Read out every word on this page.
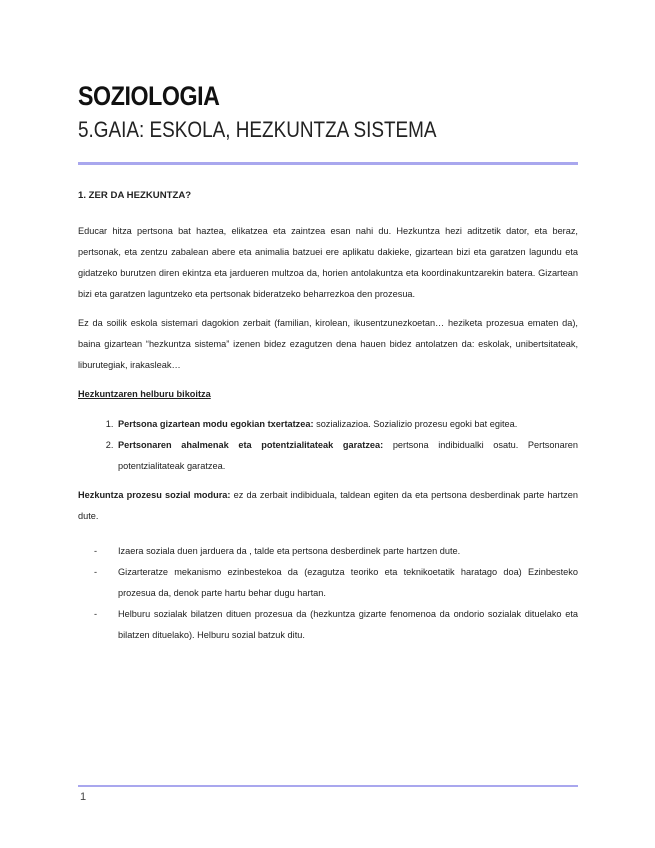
SOZIOLOGIA
5.GAIA: ESKOLA, HEZKUNTZA SISTEMA
1. ZER DA HEZKUNTZA?

Educar hitza pertsona bat haztea, elikatzea eta zaintzea esan nahi du. Hezkuntza hezi aditzetik dator, eta beraz, pertsonak, eta zentzu zabalean abere eta animalia batzuei ere aplikatu dakieke, gizartean bizi eta garatzen lagundu eta gidatzeko burutzen diren ekintza eta jardueren multzoa da, horien antolakuntza eta koordinakuntzarekin batera. Gizartean bizi eta garatzen laguntzeko eta pertsonak bideratzeko beharrezkoa den prozesua.

Ez da soilik eskola sistemari dagokion zerbait (familian, kirolean, ikusentzunezkoetan… heziketa prozesua ematen da), baina gizartean “hezkuntza sistema” izenen bidez ezagutzen dena hauen bidez antolatzen da: eskolak, unibertsitateak, liburutegiak, irakasleak…

Hezkuntzaren helburu bikoitza
1. Pertsona gizartean modu egokian txertatzea: sozializazioa. Sozializio prozesu egoki bat egitea.
2. Pertsonaren ahalmenak eta potentzialitateak garatzea: pertsona indibidualki osatu. Pertsonaren potentzialitateak garatzea.

Hezkuntza prozesu sozial modura: ez da zerbait indibiduala, taldean egiten da eta pertsona desberdinak parte hartzen dute.

- Izaera soziala duen jarduera da , talde eta pertsona desberdinek parte hartzen dute.
- Gizarteratze mekanismo ezinbestekoa da (ezagutza teoriko eta teknikoetatik haratago doa) Ezinbesteko prozesua da, denok parte hartu behar dugu hartan.
- Helburu sozialak bilatzen dituen prozesua da (hezkuntza gizarte fenomenoa da ondorio sozialak dituelako eta bilatzen dituelako). Helburu sozial batzuk ditu.
1
